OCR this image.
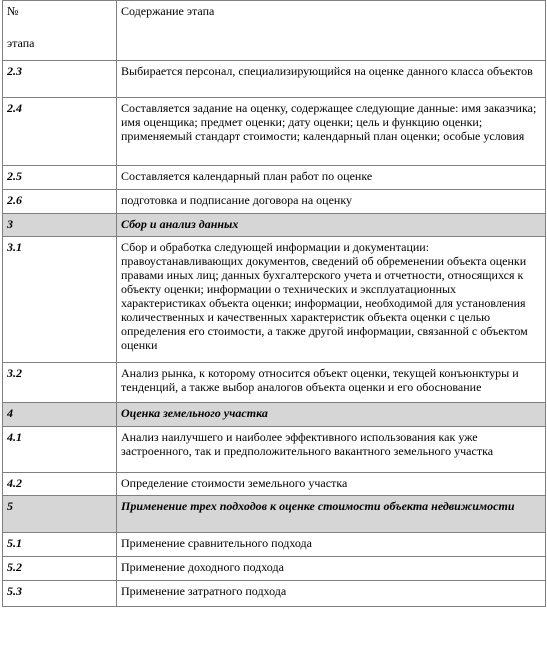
№
этапа	Содержание этапа
2.3	Выбирается персонал, специализирующийся на оценке данного класса объектов
2.4	Составляется задание на оценку, содержащее следующие данные: имя заказчика; имя оценщика; предмет оценки; дату оценки; цель и функцию оценки; применяемый стандарт стоимости; календарный план оценки; особые условия
2.5	Составляется календарный план работ по оценке
2.6	подготовка и подписание договора на оценку
3	Сбор и анализ данных
3.1	Сбор и обработка следующей информации и документации: правоустанавливающих документов, сведений об обременении объекта оценки правами иных лиц; данных бухгалтерского учета и отчетности, относящихся к объекту оценки; информации о технических и эксплуатационных характеристиках объекта оценки; информации, необходимой для установления количественных и качественных характеристик объекта оценки с целью определения его стоимости, а также другой информации, связанной с объектом оценки
3.2	Анализ рынка, к которому относится объект оценки, текущей конъюнктуры и тенденций, а также выбор аналогов объекта оценки и его обоснование
4	Оценка земельного участка
4.1	Анализ наилучшего и наиболее эффективного использования как уже застроенного, так и предположительного вакантного земельного участка
4.2	Определение стоимости земельного участка
5	Применение трех подходов к оценке стоимости объекта недвижимости
5.1	Применение сравнительного подхода
5.2	Применение доходного подхода
5.3	Применение затратного подхода
